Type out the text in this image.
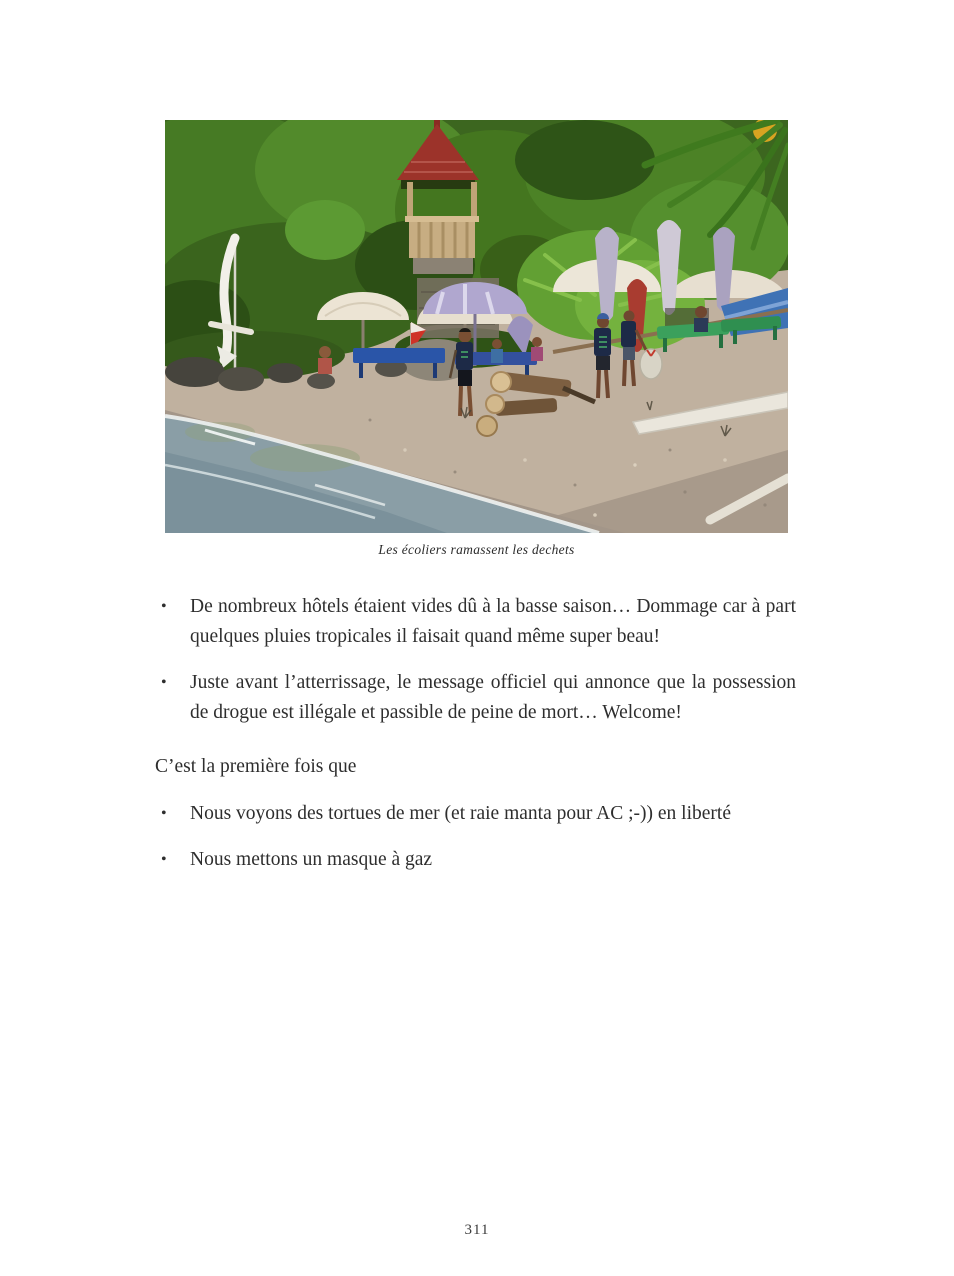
Les écoliers ramassent les dechets
• De nombreux hôtels étaient vides dû à la basse saison… Dommage car à part quelques pluies tropicales il faisait quand même super beau!
• Juste avant l’atterrissage, le message officiel qui annonce que la possession de drogue est illégale et passible de peine de mort… Welcome!

C’est la première fois que

• Nous voyons des tortues de mer (et raie manta pour AC ;-)) en liberté
• Nous mettons un masque à gaz
311
